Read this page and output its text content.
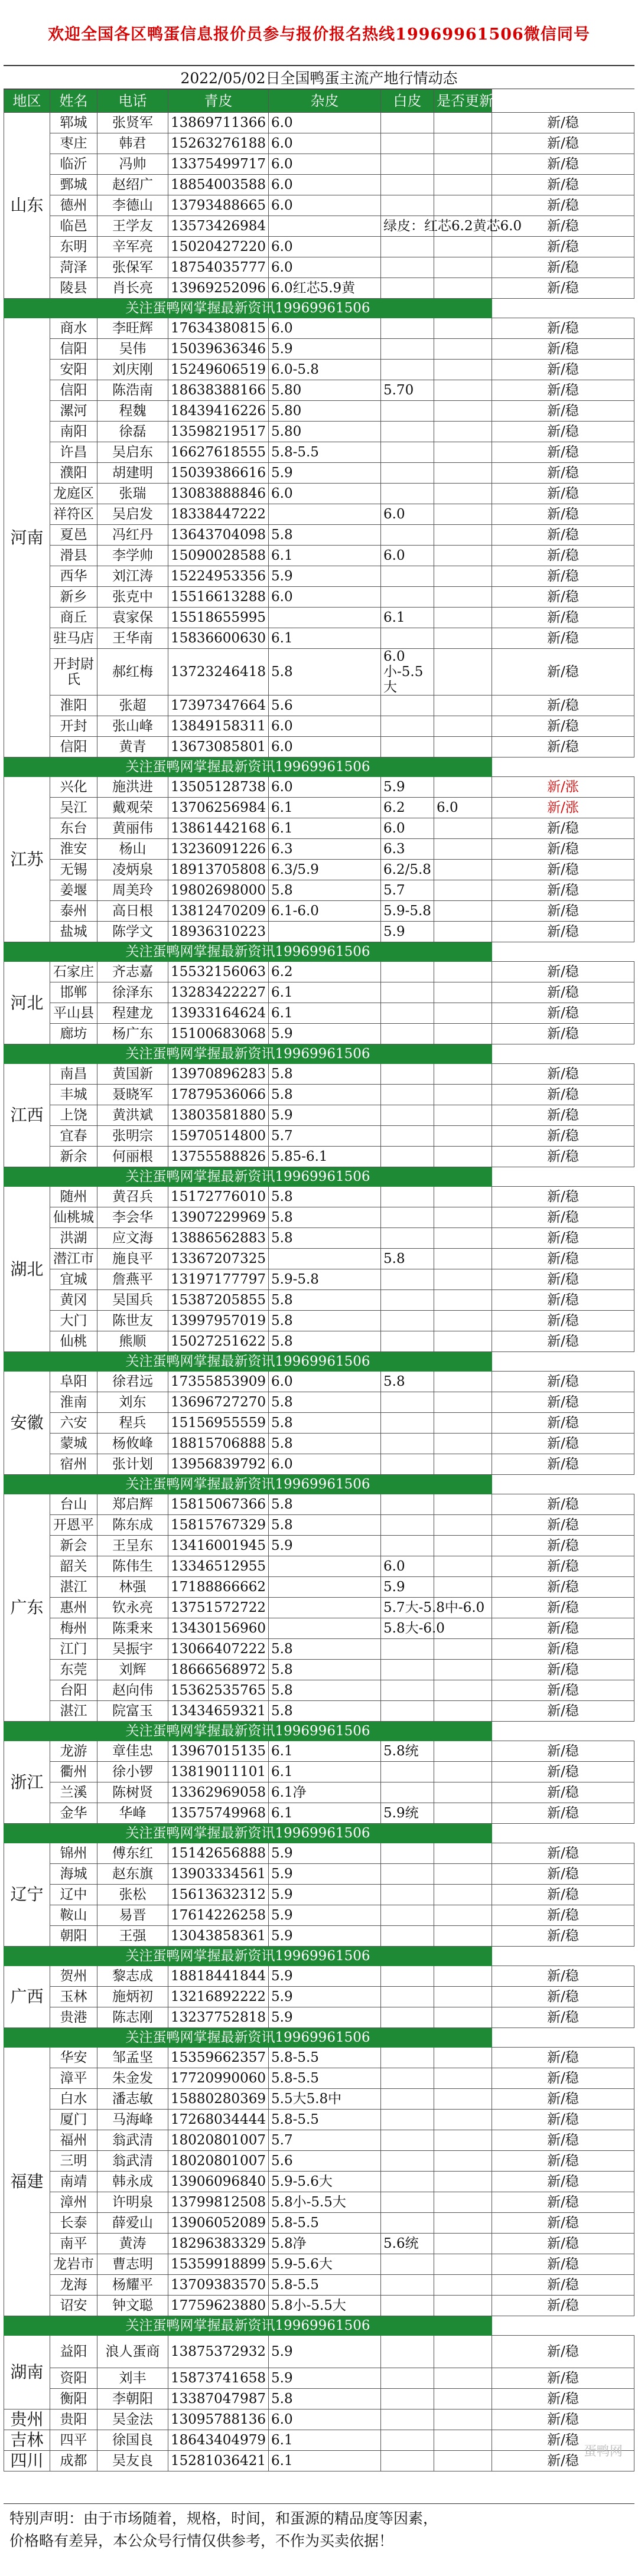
欢迎全国各区鸭蛋信息报价员参与报价报名热线19969961506微信同号
2022/05/02日全国鸭蛋主流产地行情动态
地区	姓名	电话	青皮	杂皮	白皮	是否更新	
山东	郓城	张贤军	13869711366	6.0			新/稳
	枣庄	韩君	15263276188	6.0			新/稳
	临沂	冯帅	13375499717	6.0			新/稳
	鄄城	赵绍广	18854003588	6.0			新/稳
	德州	李德山	13793488665	6.0			新/稳
	临邑	王学友	13573426984		绿皮：红芯6.2黄芯6.0		新/稳
	东明	辛军亮	15020427220	6.0			新/稳
	菏泽	张保军	18754035777	6.0			新/稳
	陵县	肖长亮	13969252096	6.0红芯5.9黄			新/稳
关注蛋鸭网掌握最新资讯19969961506							
河南	商水	李旺辉	17634380815	6.0			新/稳
	信阳	吴伟	15039636346	5.9			新/稳
	安阳	刘庆刚	15249606519	6.0-5.8			新/稳
	信阳	陈浩南	18638388166	5.80	5.70		新/稳
	漯河	程魏	18439416226	5.80			新/稳
	南阳	徐磊	13598219517	5.80			新/稳
	许昌	吴启东	16627618555	5.8-5.5			新/稳
	濮阳	胡建明	15039386616	5.9			新/稳
	龙庭区	张瑞	13083888846	6.0			新/稳
	祥符区	吴启发	18338447222		6.0		新/稳
	夏邑	冯红丹	13643704098	5.8			新/稳
	滑县	李学帅	15090028588	6.1	6.0		新/稳
	西华	刘江涛	15224953356	5.9			新/稳
	新乡	张克中	15516613288	6.0			新/稳
	商丘	袁家保	15518655995		6.1		新/稳
	驻马店	王华南	15836600630	6.1			新/稳
	开封尉氏	郝红梅	13723246418	5.8	6.0小-5.5大		新/稳
	淮阳	张超	17397347664	5.6			新/稳
	开封	张山峰	13849158311	6.0			新/稳
	信阳	黄青	13673085801	6.0			新/稳
关注蛋鸭网掌握最新资讯19969961506							
江苏	兴化	施洪进	13505128738	6.0	5.9		新/涨
	吴江	戴观荣	13706256984	6.1	6.2	6.0	新/涨
	东台	黄丽伟	13861442168	6.1	6.0		新/稳
	淮安	杨山	13236091226	6.3	6.3		新/稳
	无锡	凌炳泉	18913705808	6.3/5.9	6.2/5.8		新/稳
	姜堰	周美玲	19802698000	5.8	5.7		新/稳
	泰州	高日根	13812470209	6.1-6.0	5.9-5.8		新/稳
	盐城	陈学文	18936310223		5.9		新/稳
关注蛋鸭网掌握最新资讯19969961506							
河北	石家庄	齐志嘉	15532156063	6.2			新/稳
	邯郸	徐泽东	13283422227	6.1			新/稳
	平山县	程建龙	13933164624	6.1			新/稳
	廊坊	杨广东	15100683068	5.9			新/稳
关注蛋鸭网掌握最新资讯19969961506							
江西	南昌	黄国新	13970896283	5.8			新/稳
	丰城	聂晓军	17879536066	5.8			新/稳
	上饶	黄洪斌	13803581880	5.9			新/稳
	宜春	张明宗	15970514800	5.7			新/稳
	新余	何丽根	13755588826	5.85-6.1			新/稳
关注蛋鸭网掌握最新资讯19969961506							
湖北	随州	黄召兵	15172776010	5.8			新/稳
	仙桃城	李会华	13907229969	5.8			新/稳
	洪湖	应文海	13886562883	5.8			新/稳
	潜江市	施良平	13367207325		5.8		新/稳
	宜城	詹燕平	13197177797	5.9-5.8			新/稳
	黄冈	吴国兵	15387205855	5.8			新/稳
	大门	陈世友	13997957019	5.8			新/稳
	仙桃	熊顺	15027251622	5.8			新/稳
关注蛋鸭网掌握最新资讯19969961506							
安徽	阜阳	徐君远	17355853909	6.0	5.8		新/稳
	淮南	刘东	13696727270	5.8			新/稳
	六安	程兵	15156955559	5.8			新/稳
	蒙城	杨攸峰	18815706888	5.8			新/稳
	宿州	张计划	13956839792	6.0			新/稳
关注蛋鸭网掌握最新资讯19969961506							
广东	台山	郑启辉	15815067366	5.8			新/稳
	开恩平	陈东成	15815767329	5.8			新/稳
	新会	王呈东	13416001945	5.9			新/稳
	韶关	陈伟生	13346512955		6.0		新/稳
	湛江	林强	17188866662		5.9		新/稳
	惠州	钦永亮	13751572722		5.7大-5.8中-6.0		新/稳
	梅州	陈秉来	13430156960		5.8大-6.0		新/稳
	江门	吴振宇	13066407222	5.8			新/稳
	东莞	刘辉	18666568972	5.8			新/稳
	台阳	赵向伟	15362535765	5.8			新/稳
	湛江	院富玉	13434659321	5.8			新/稳
关注蛋鸭网掌握最新资讯19969961506							
浙江	龙游	章佳忠	13967015135	6.1	5.8统		新/稳
	衢州	徐小锣	13819011101	6.1			新/稳
	兰溪	陈树贤	13362969058	6.1净			新/稳
	金华	华峰	13575749968	6.1	5.9统		新/稳
关注蛋鸭网掌握最新资讯19969961506							
辽宁	锦州	傅东红	15142656888	5.9			新/稳
	海城	赵东旗	13903334561	5.9			新/稳
	辽中	张松	15613632312	5.9			新/稳
	鞍山	易晋	17614226258	5.9			新/稳
	朝阳	王强	13043858361	5.9			新/稳
关注蛋鸭网掌握最新资讯19969961506							
广西	贺州	黎志成	18818441844	5.9			新/稳
	玉林	施炳初	13216892222	5.9			新/稳
	贵港	陈志刚	13237752818	5.9			新/稳
关注蛋鸭网掌握最新资讯19969961506							
福建	华安	邹孟坚	15359662357	5.8-5.5			新/稳
	漳平	朱金发	17720990060	5.8-5.5			新/稳
	白水	潘志敏	15880280369	5.5大5.8中			新/稳
	厦门	马海峰	17268034444	5.8-5.5			新/稳
	福州	翁武清	18020801007	5.7			新/稳
	三明	翁武清	18020801007	5.6			新/稳
	南靖	韩永成	13906096840	5.9-5.6大			新/稳
	漳州	许明泉	13799812508	5.8小-5.5大			新/稳
	长泰	薛爱山	13906052089	5.8-5.5			新/稳
	南平	黄涛	18296383329	5.8净	5.6统		新/稳
	龙岩市	曹志明	15359918899	5.9-5.6大			新/稳
	龙海	杨耀平	13709383570	5.8-5.5			新/稳
	诏安	钟文聪	17759623880	5.8小-5.5大			新/稳
关注蛋鸭网掌握最新资讯19969961506							
湖南	益阳	浪人蛋商	13875372932	5.9			新/稳
	资阳	刘丰	15873741658	5.9			新/稳
	衡阳	李朝阳	13387047987	5.8			新/稳
贵州	贵阳	吴金法	13095788136	6.0			新/稳
吉林	四平	徐国良	18643404979	6.1			新/稳
四川	成都	吴友良	15281036421	6.1			新/稳
蛋鸭网
特别声明：由于市场随着，规格，时间，和蛋源的精品度等因素，
价格略有差异，本公众号行情仅供参考，不作为买卖依据！
